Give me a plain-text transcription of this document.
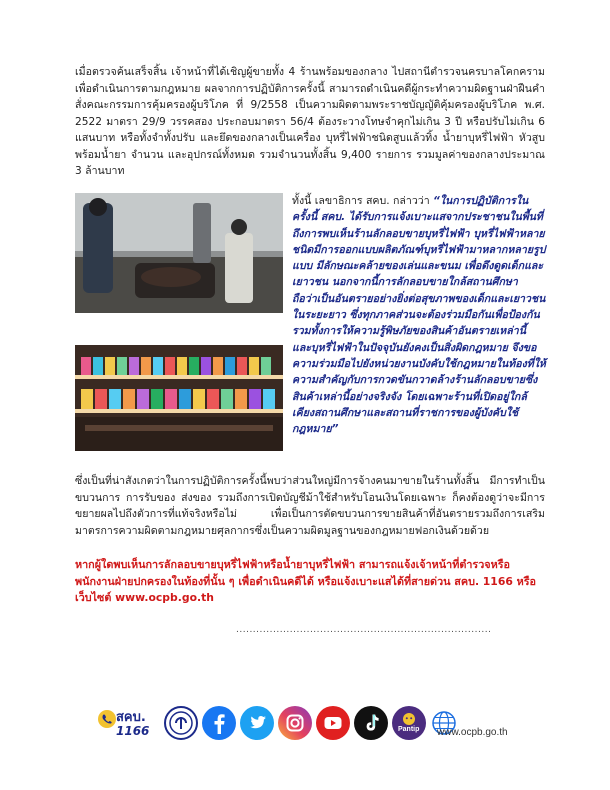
เมื่อตรวจค้นเสร็จสิ้น เจ้าหน้าที่ได้เชิญผู้ขายทั้ง 4 ร้านพร้อมของกลาง ไปสถานีตำรวจนครบาลโคกคราม เพื่อดำเนินการตามกฎหมาย ผลจากการปฏิบัติการครั้งนี้ สามารถดำเนินคดีผู้กระทำความผิดฐานฝ่าฝืนคำสั่งคณะกรรมการคุ้มครองผู้บริโภค ที่ 9/2558 เป็นความผิดตามพระราชบัญญัติคุ้มครองผู้บริโภค พ.ศ. 2522 มาตรา 29/9 วรรคสอง ประกอบมาตรา 56/4 ต้องระวางโทษจำคุกไม่เกิน 3 ปี หรือปรับไม่เกิน 6 แสนบาท หรือทั้งจำทั้งปรับ และยึดของกลางเป็นเครื่อง บุหรี่ไฟฟ้าชนิดสูบแล้วทิ้ง น้ำยาบุหรี่ไฟฟ้า หัวสูบพร้อมน้ำยา จำนวน และอุปกรณ์ทั้งหมด รวมจำนวนทั้งสิ้น 9,400 รายการ รวมมูลค่าของกลางประมาณ 3 ล้านบาท

ทั้งนี้ เลขาธิการ สคบ. กล่าวว่า “ในการปฏิบัติการในครั้งนี้ สคบ. ได้รับการแจ้งเบาะแสจากประชาชนในพื้นที่ ถึงการพบเห็นร้านลักลอบขายบุหรี่ไฟฟ้า บุหรี่ไฟฟ้าหลายชนิดมีการออกแบบผลิตภัณฑ์บุหรี่ไฟฟ้ามาหลากหลายรูปแบบ มีลักษณะคล้ายของเล่นและขนม เพื่อดึงดูดเด็กและเยาวชน นอกจากนี้การลักลอบขายใกล้สถานศึกษา ถือว่าเป็นอันตรายอย่างยิ่งต่อสุขภาพของเด็กและเยาวชนในระยะยาว ซึ่งทุกภาคส่วนจะต้องร่วมมือกันเพื่อป้องกันรวมทั้งการให้ความรู้พิษภัยของสินค้าอันตรายเหล่านี้ และบุหรี่ไฟฟ้าในปัจจุบันยังคงเป็นสิ่งผิดกฎหมาย จึงขอความร่วมมือไปยังหน่วยงานบังคับใช้กฎหมายในท้องที่ให้ความสำคัญกับการกวดขันกวาดล้างร้านลักลอบขายซึ่งสินค้าเหล่านี้อย่างจริงจัง โดยเฉพาะร้านที่เปิดอยู่ใกล้เคียงสถานศึกษาและสถานที่ราชการของผู้บังคับใช้กฎหมาย”

ซึ่งเป็นที่น่าสังเกตว่าในการปฏิบัติการครั้งนี้พบว่าส่วนใหญ่มีการจ้างคนมาขายในร้านทั้งสิ้น มีการทำเป็นขบวนการ การรับของ ส่งของ รวมถึงการเปิดบัญชีม้าใช้สำหรับโอนเงินโดยเฉพาะ ก็คงต้องดูว่าจะมีการขยายผลไปถึงตัวการที่แท้จริงหรือไม่ เพื่อเป็นการตัดขบวนการขายสินค้าที่อันตรายรวมถึงการเสริมมาตรการความผิดตามกฎหมายศุลกากรซึ่งเป็นความผิดมูลฐานของกฎหมายฟอกเงินด้วยด้วย

หากผู้ใดพบเห็นการลักลอบขายบุหรี่ไฟฟ้าหรือน้ำยาบุหรี่ไฟฟ้า สามารถแจ้งเจ้าหน้าที่ตำรวจหรือพนักงานฝ่ายปกครองในท้องที่นั้น ๆ เพื่อดำเนินคดีได้ หรือแจ้งเบาะแสได้ที่สายด่วน สคบ. 1166 หรือเว็บไซต์ www.ocpb.go.th

............................................................................
สคบ.
1166	Pantip www.ocpb.go.th
